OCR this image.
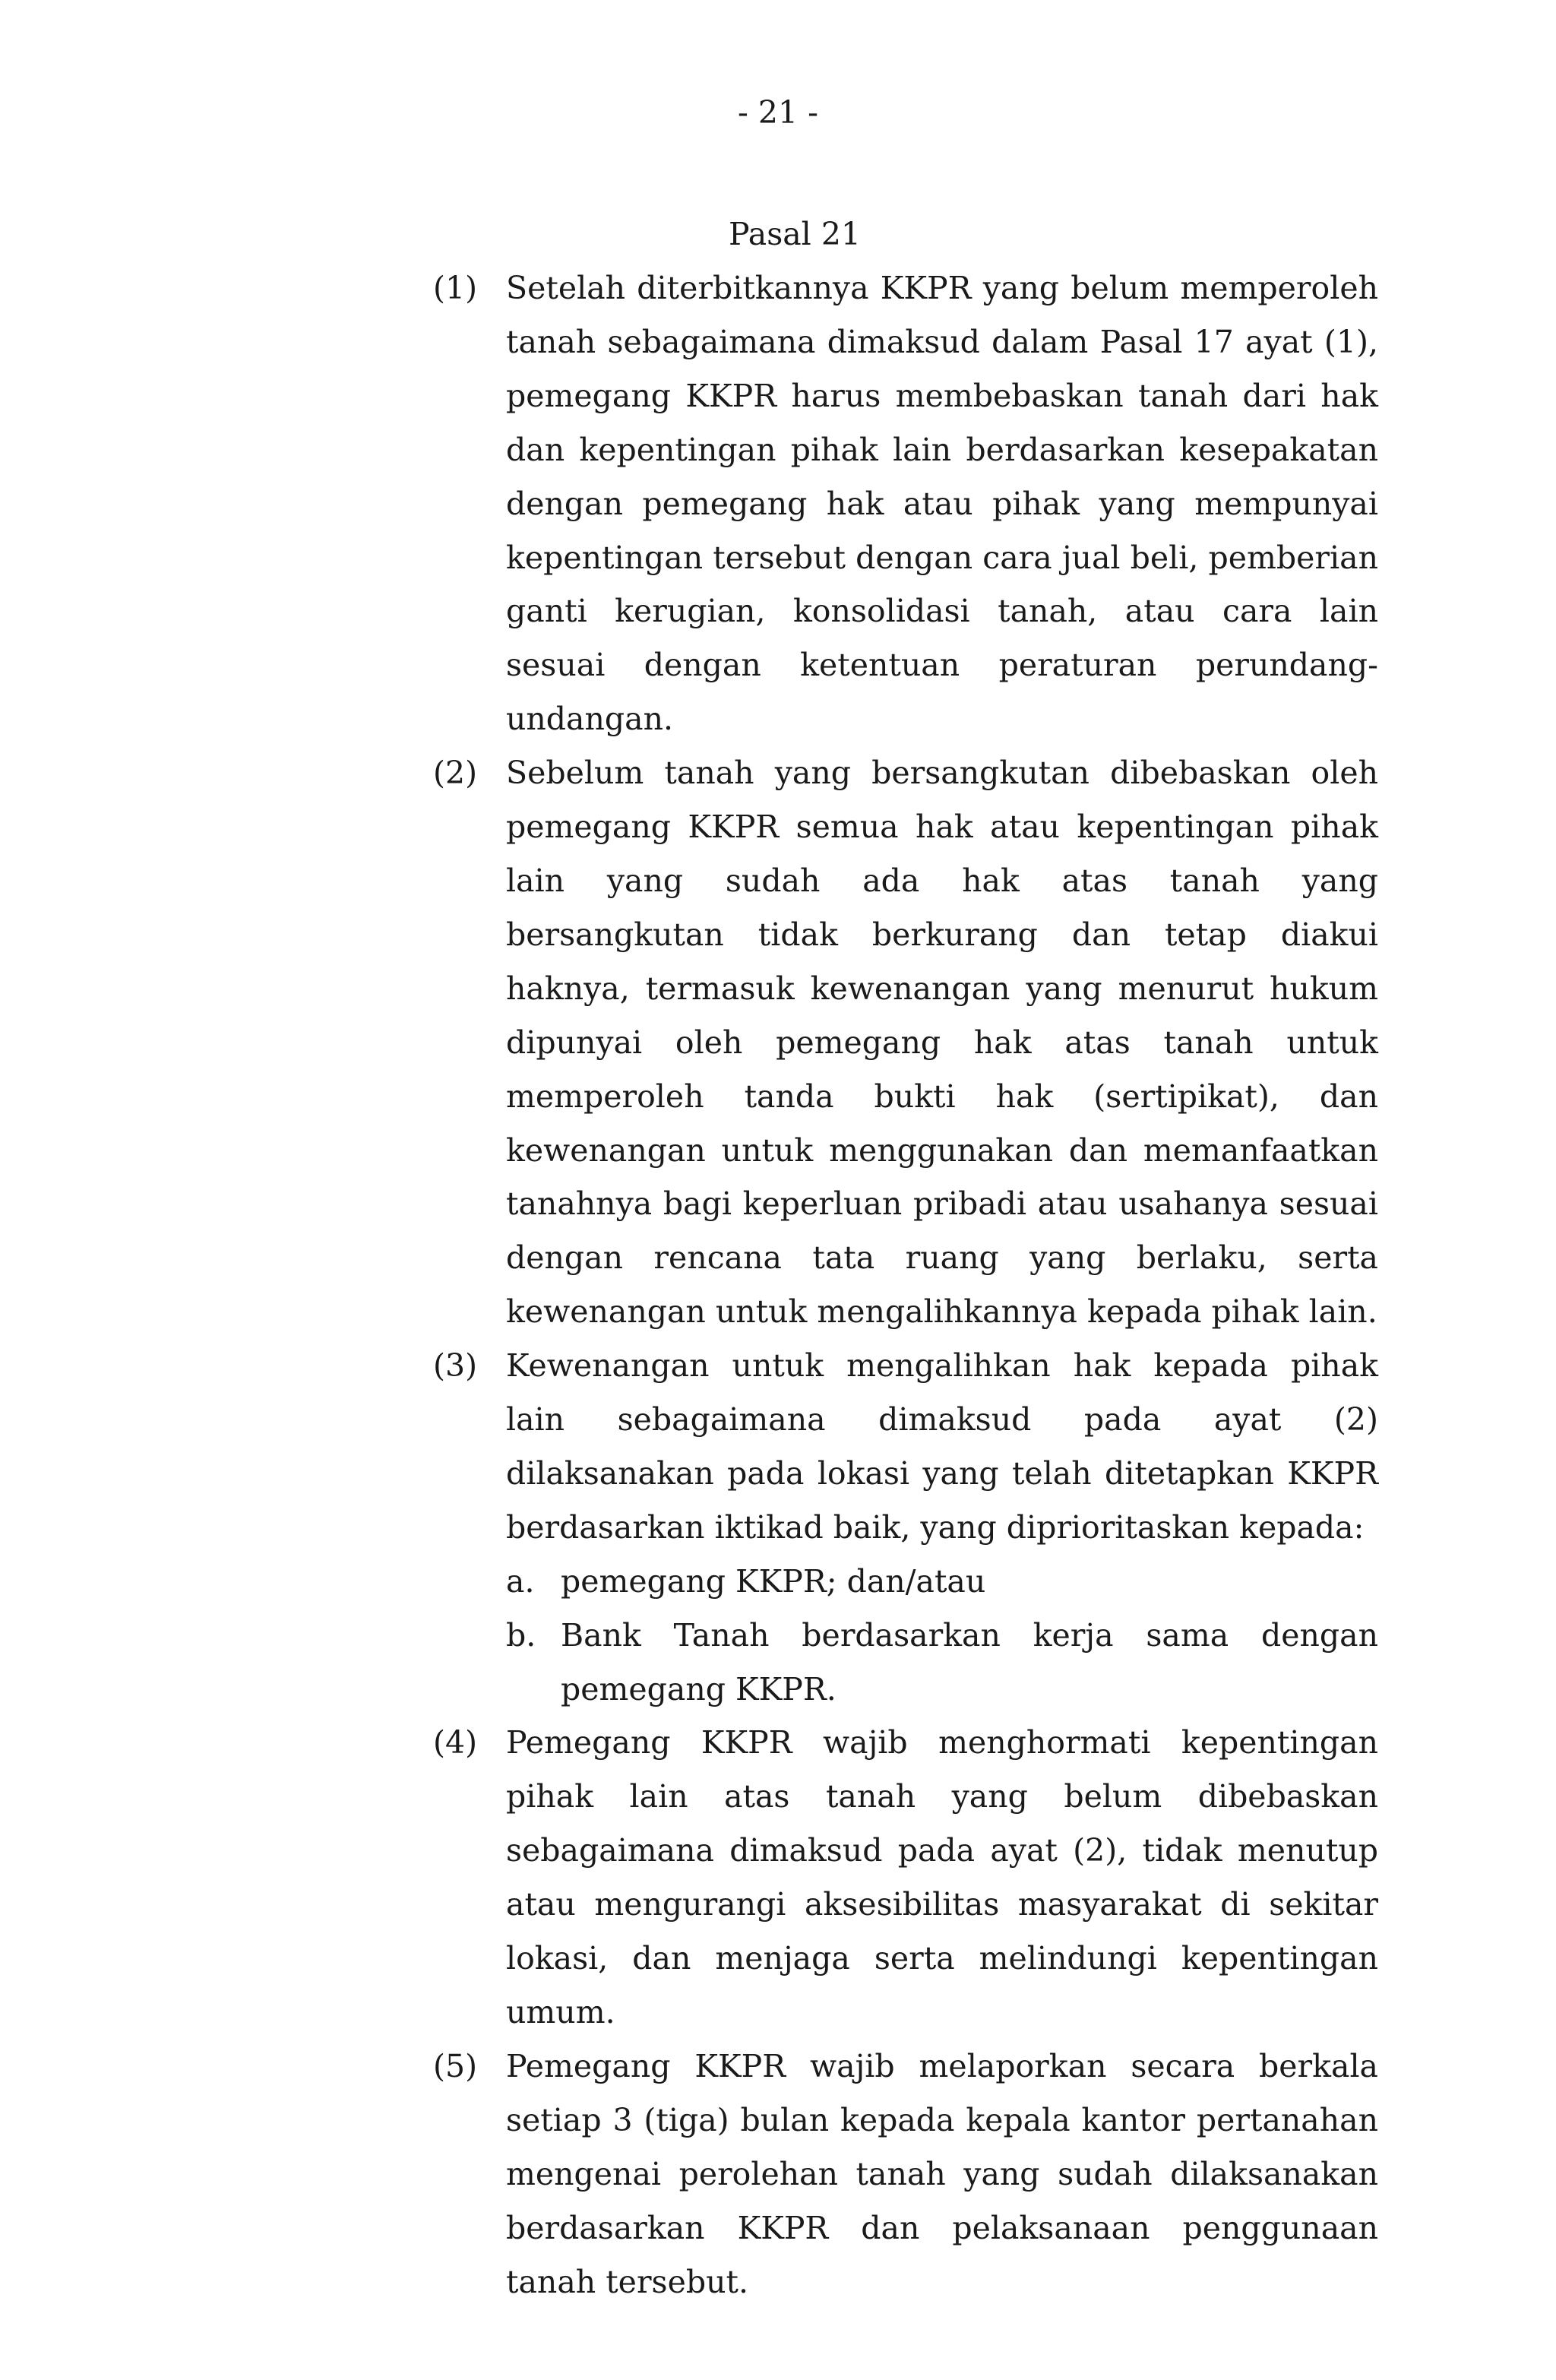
- 21 -
Pasal 21
(1) Setelah diterbitkannya KKPR yang belum memperoleh tanah sebagaimana dimaksud dalam Pasal 17 ayat (1), pemegang KKPR harus membebaskan tanah dari hak dan kepentingan pihak lain berdasarkan kesepakatan dengan pemegang hak atau pihak yang mempunyai kepentingan tersebut dengan cara jual beli, pemberian ganti kerugian, konsolidasi tanah, atau cara lain sesuai dengan ketentuan peraturan perundang-undangan.
(2) Sebelum tanah yang bersangkutan dibebaskan oleh pemegang KKPR semua hak atau kepentingan pihak lain yang sudah ada hak atas tanah yang bersangkutan tidak berkurang dan tetap diakui haknya, termasuk kewenangan yang menurut hukum dipunyai oleh pemegang hak atas tanah untuk memperoleh tanda bukti hak (sertipikat), dan kewenangan untuk menggunakan dan memanfaatkan tanahnya bagi keperluan pribadi atau usahanya sesuai dengan rencana tata ruang yang berlaku, serta kewenangan untuk mengalihkannya kepada pihak lain.
(3) Kewenangan untuk mengalihkan hak kepada pihak lain sebagaimana dimaksud pada ayat (2) dilaksanakan pada lokasi yang telah ditetapkan KKPR berdasarkan iktikad baik, yang diprioritaskan kepada:
a. pemegang KKPR; dan/atau
b. Bank Tanah berdasarkan kerja sama dengan pemegang KKPR.
(4) Pemegang KKPR wajib menghormati kepentingan pihak lain atas tanah yang belum dibebaskan sebagaimana dimaksud pada ayat (2), tidak menutup atau mengurangi aksesibilitas masyarakat di sekitar lokasi, dan menjaga serta melindungi kepentingan umum.
(5) Pemegang KKPR wajib melaporkan secara berkala setiap 3 (tiga) bulan kepada kepala kantor pertanahan mengenai perolehan tanah yang sudah dilaksanakan berdasarkan KKPR dan pelaksanaan penggunaan tanah tersebut.
